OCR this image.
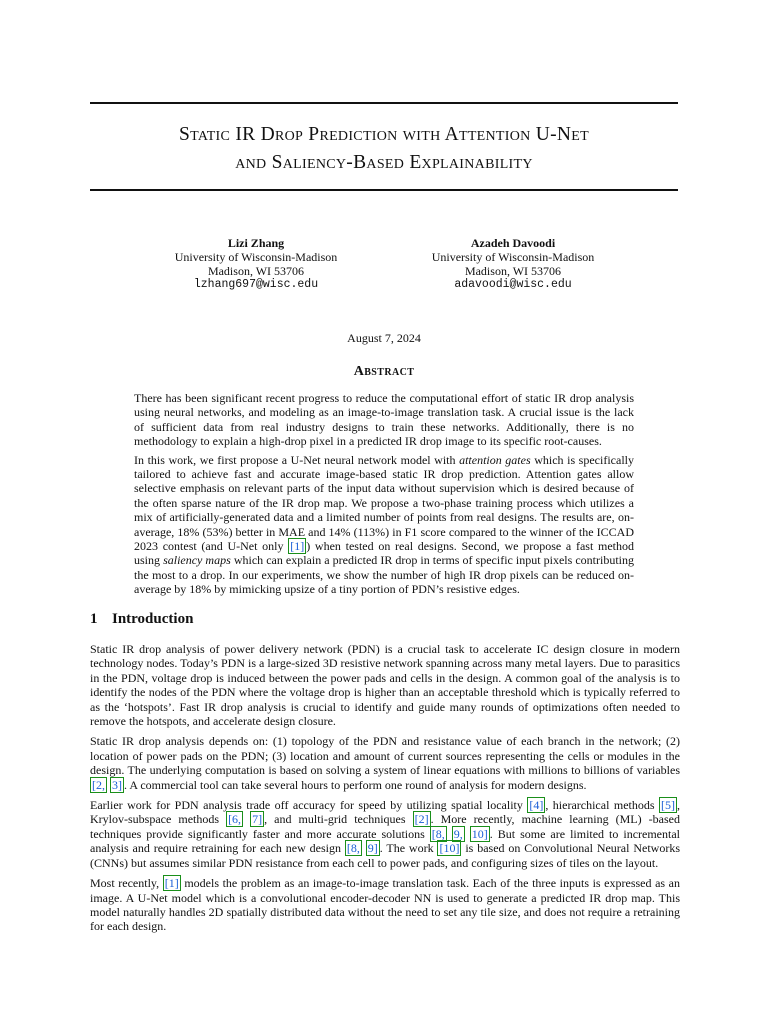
Static IR Drop Prediction with Attention U-Net
and Saliency-Based Explainability
Lizi Zhang
University of Wisconsin-Madison
Madison, WI 53706
lzhang697@wisc.edu
Azadeh Davoodi
University of Wisconsin-Madison
Madison, WI 53706
adavoodi@wisc.edu
August 7, 2024
Abstract

There has been significant recent progress to reduce the computational effort of static IR drop analysis using neural networks, and modeling as an image-to-image translation task. A crucial issue is the lack of sufficient data from real industry designs to train these networks. Additionally, there is no methodology to explain a high-drop pixel in a predicted IR drop image to its specific root-causes.

In this work, we first propose a U-Net neural network model with attention gates which is specifically tailored to achieve fast and accurate image-based static IR drop prediction. Attention gates allow selective emphasis on relevant parts of the input data without supervision which is desired because of the often sparse nature of the IR drop map. We propose a two-phase training process which utilizes a mix of artificially-generated data and a limited number of points from real designs. The results are, on-average, 18% (53%) better in MAE and 14% (113%) in F1 score compared to the winner of the ICCAD 2023 contest (and U-Net only [1] ) when tested on real designs. Second, we propose a fast method using saliency maps which can explain a predicted IR drop in terms of specific input pixels contributing the most to a drop. In our experiments, we show the number of high IR drop pixels can be reduced on-average by 18% by mimicking upsize of a tiny portion of PDN’s resistive edges.

1 Introduction

Static IR drop analysis of power delivery network (PDN) is a crucial task to accelerate IC design closure in modern technology nodes. Today’s PDN is a large-sized 3D resistive network spanning across many metal layers. Due to parasitics in the PDN, voltage drop is induced between the power pads and cells in the design. A common goal of the analysis is to identify the nodes of the PDN where the voltage drop is higher than an acceptable threshold which is typically referred to as the ‘hotspots’. Fast IR drop analysis is crucial to identify and guide many rounds of optimizations often needed to remove the hotspots, and accelerate design closure.

Static IR drop analysis depends on: (1) topology of the PDN and resistance value of each branch in the network; (2) location of power pads on the PDN; (3) location and amount of current sources representing the cells or modules in the design. The underlying computation is based on solving a system of linear equations with millions to billions of variables [2, 3] . A commercial tool can take several hours to perform one round of analysis for modern designs.

Earlier work for PDN analysis trade off accuracy for speed by utilizing spatial locality [4] , hierarchical methods [5] , Krylov-subspace methods [6, 7] , and multi-grid techniques [2] . More recently, machine learning (ML) -based techniques provide significantly faster and more accurate solutions [8, 9, 10] . But some are limited to incremental analysis and require retraining for each new design [8, 9] . The work [10] is based on Convolutional Neural Networks (CNNs) but assumes similar PDN resistance from each cell to power pads, and configuring sizes of tiles on the layout.

Most recently, [1] models the problem as an image-to-image translation task. Each of the three inputs is expressed as an image. A U-Net model which is a convolutional encoder-decoder NN is used to generate a predicted IR drop map. This model naturally handles 2D spatially distributed data without the need to set any tile size, and does not require a retraining for each design.
